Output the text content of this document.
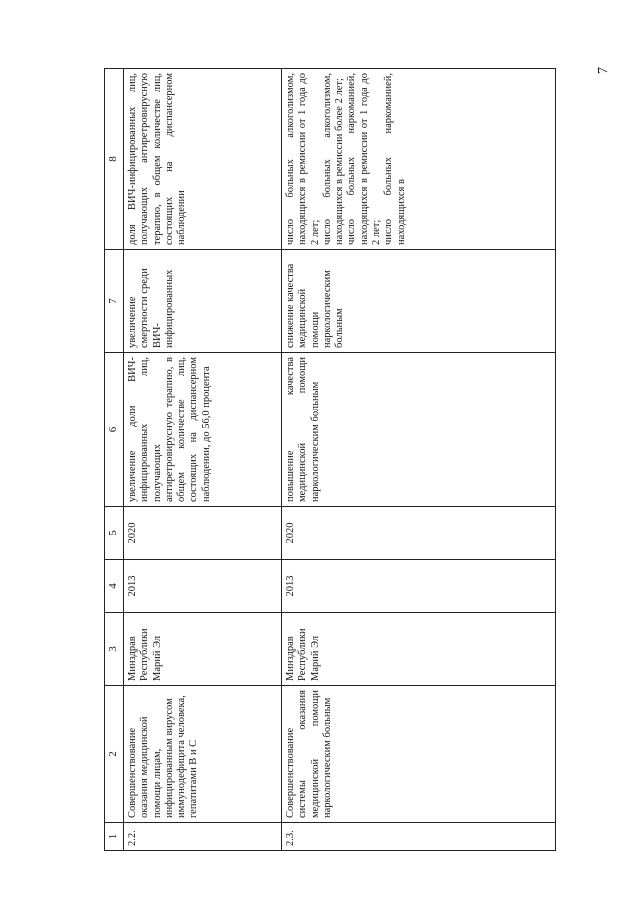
7
1	2	3	4	5	6	7	8
2.2.	Совершенствование оказания медицинской помощи лицам, инфицированным вирусом иммунодефицита человека, гепатитами В и С	Минздрав Республики Марий Эл	2013	2020	увеличение доли ВИЧ-инфицированных лиц, получающих антиретровирусную терапию, в общем количестве лиц, состоящих на диспансерном наблюдении, до 56,0 процента	увеличение смертности среди ВИЧ-инфицированных	доля ВИЧ-инфицированных лиц, получающих антиретровирусную терапию, в общем количестве лиц, состоящих на диспансерном наблюдении
2.3.	Совершенствование системы оказания медицинской помощи наркологическим больным	Минздрав Республики Марий Эл	2013	2020	повышение качества медицинской помощи наркологическим больным	снижение качества медицинской помощи наркологическим больным	число больных алкоголизмом, находящихся в ремиссии от 1 года до 2 лет;
число больных алкоголизмом, находящихся в ремиссии более 2 лет;
число больных наркоманией, находящихся в ремиссии от 1 года до 2 лет;
число больных наркоманией, находящихся в
